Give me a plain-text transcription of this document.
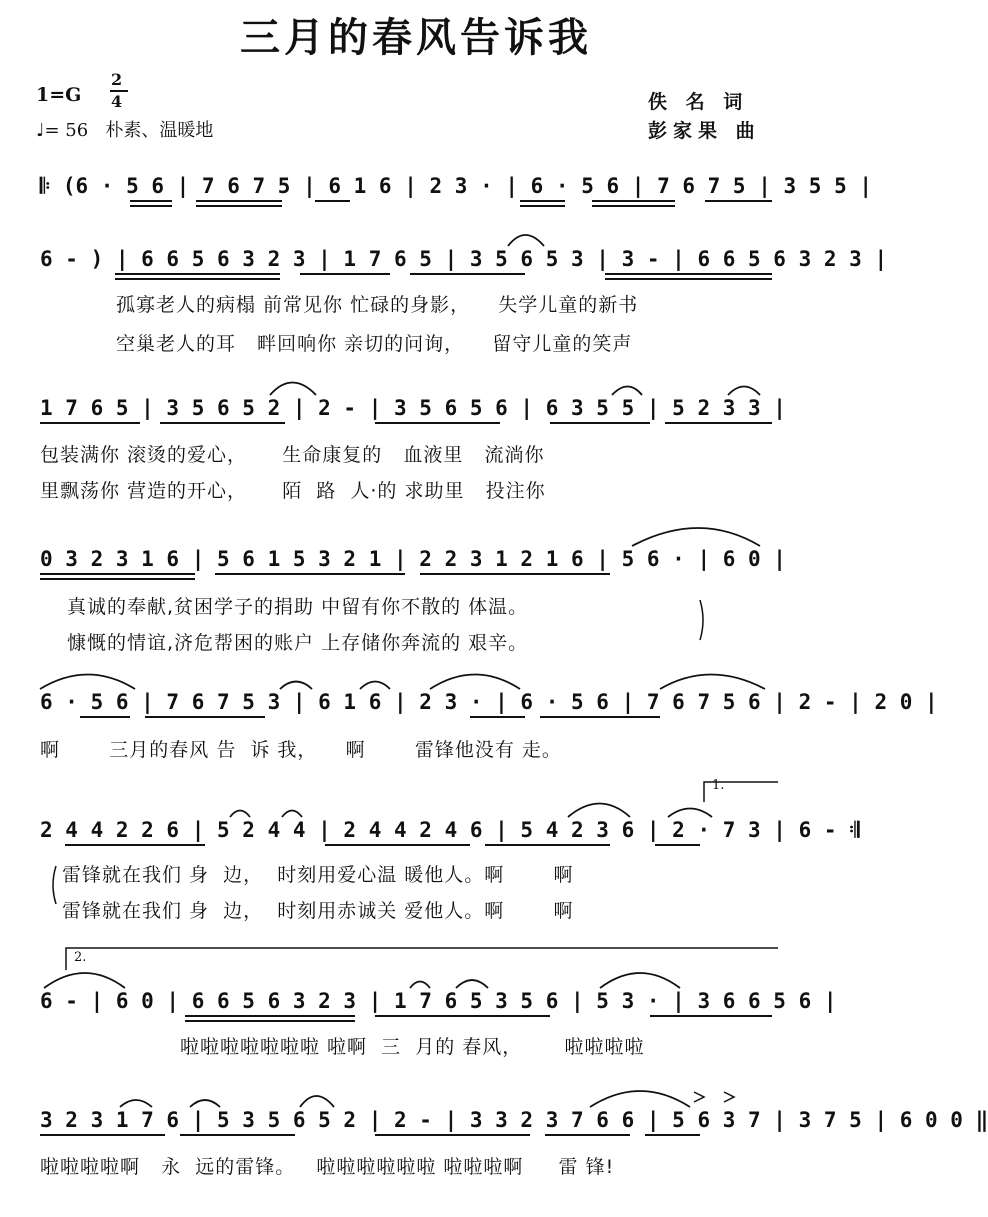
三月的春风告诉我
1=G
2
4
♩= 56   朴素、温暖地
佚 名 词
彭家果 曲
𝄆 (6 · 5 6 | 7 6 7 5 | 6 1 6 | 2 3 · | 6 · 5 6 | 7 6 7 5 | 3 5 5 |
6 - ) | 6 6 5 6 3 2 3 | 1 7 6 5 | 3 5 6 5 3 | 3 - | 6 6 5 6 3 2 3 |
孤寡老人的病榻 前常见你 忙碌的身影，    失学儿童的新书
空巢老人的耳   畔回响你 亲切的问询，    留守儿童的笑声
1 7 6 5 | 3 5 6 5 2 | 2 - | 3 5 6 5 6 | 6 3 5 5 | 5 2 3 3 |
包装满你 滚烫的爱心，     生命康复的   血液里   流淌你
里飘荡你 营造的开心，     陌  路  人·的 求助里   投注你
0 3 2 3 1 6 | 5 6 1 5 3 2 1 | 2 2 3 1 2 1 6 | 5 6 · | 6 0 |
真诚的奉献,贫困学子的捐助 中留有你不散的 体温。
慷慨的情谊,济危帮困的账户 上存储你奔流的 艰辛。
6 · 5 6 | 7 6 7 5 3 | 6 1 6 | 2 3 · | 6 · 5 6 | 7 6 7 5 6 | 2 - | 2 0 |
啊       三月的春风 告  诉 我，    啊       雷锋他没有 走。
1.
2 4 4 2 2 6 | 5 2 4 4 | 2 4 4 2 4 6 | 5 4 2 3 6 | 2 · 7 3 | 6 - 𝄇
雷锋就在我们 身  边，  时刻用爱心温 暖他人。啊       啊
雷锋就在我们 身  边，  时刻用赤诚关 爱他人。啊       啊
2.
6 - | 6 0 | 6 6 5 6 3 2 3 | 1 7 6 5 3 5 6 | 5 3 · | 3 6 6 5 6 |
啦啦啦啦啦啦啦 啦啊  三  月的 春风，      啦啦啦啦
3 2 3 1 7 6 | 5 3 5 6 5 2 | 2 - | 3 3 2 3 7 6 6 | 5 6 3 7 | 3 7 5 | 6 0 0 ‖
啦啦啦啦啊   永  远的雷锋。   啦啦啦啦啦啦 啦啦啦啊     雷 锋!
